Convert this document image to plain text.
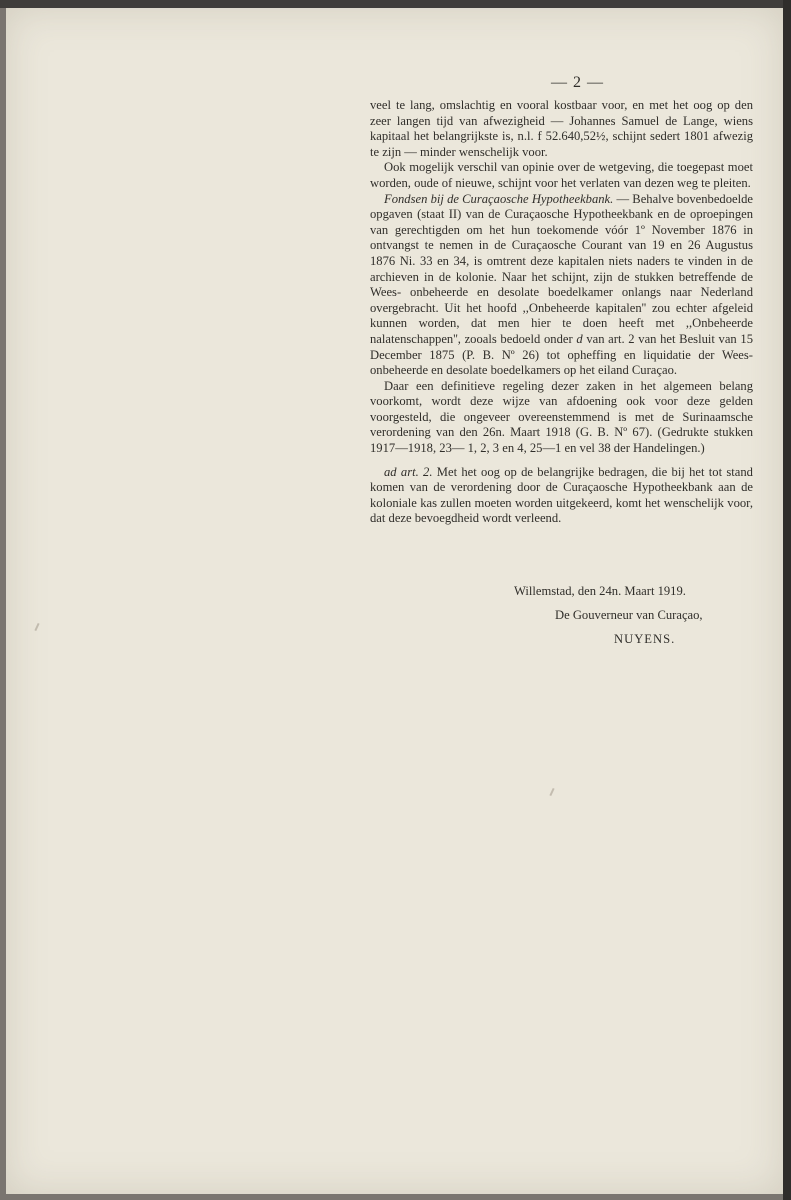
— 2 —

veel te lang, omslachtig en vooral kostbaar voor, en met het oog op den zeer langen tijd van afwezigheid — Johannes Samuel de Lange, wiens kapitaal het belangrijkste is, n.l. f 52.640,52½, schijnt sedert 1801 afwezig te zijn — minder wenschelijk voor.

Ook mogelijk verschil van opinie over de wetgeving, die toegepast moet worden, oude of nieuwe, schijnt voor het verlaten van dezen weg te pleiten.

Fondsen bij de Curaçaosche Hypotheekbank. — Behalve bovenbedoelde opgaven (staat II) van de Curaçaosche Hypotheekbank en de oproepingen van gerechtigden om het hun toekomende vóór 1º November 1876 in ontvangst te nemen in de Curaçaosche Courant van 19 en 26 Augustus 1876 Ni. 33 en 34, is omtrent deze kapitalen niets naders te vinden in de archieven in de kolonie. Naar het schijnt, zijn de stukken betreffende de Wees- onbeheerde en desolate boedelkamer onlangs naar Nederland overgebracht. Uit het hoofd ,,Onbeheerde kapitalen'' zou echter afgeleid kunnen worden, dat men hier te doen heeft met ,,Onbeheerde nalatenschappen'', zooals bedoeld onder d van art. 2 van het Besluit van 15 December 1875 (P. B. Nº 26) tot opheffing en liquidatie der Wees- onbeheerde en desolate boedelkamers op het eiland Curaçao.

Daar een definitieve regeling dezer zaken in het algemeen belang voorkomt, wordt deze wijze van afdoening ook voor deze gelden voorgesteld, die ongeveer overeenstemmend is met de Surinaamsche verordening van den 26n. Maart 1918 (G. B. Nº 67). (Gedrukte stukken 1917—1918, 23— 1, 2, 3 en 4, 25—1 en vel 38 der Handelingen.)

ad art. 2. Met het oog op de belangrijke bedragen, die bij het tot stand komen van de verordening door de Curaçaosche Hypotheekbank aan de koloniale kas zullen moeten worden uitgekeerd, komt het wenschelijk voor, dat deze bevoegdheid wordt verleend.

Willemstad, den 24n. Maart 1919.
De Gouverneur van Curaçao,
NUYENS.
